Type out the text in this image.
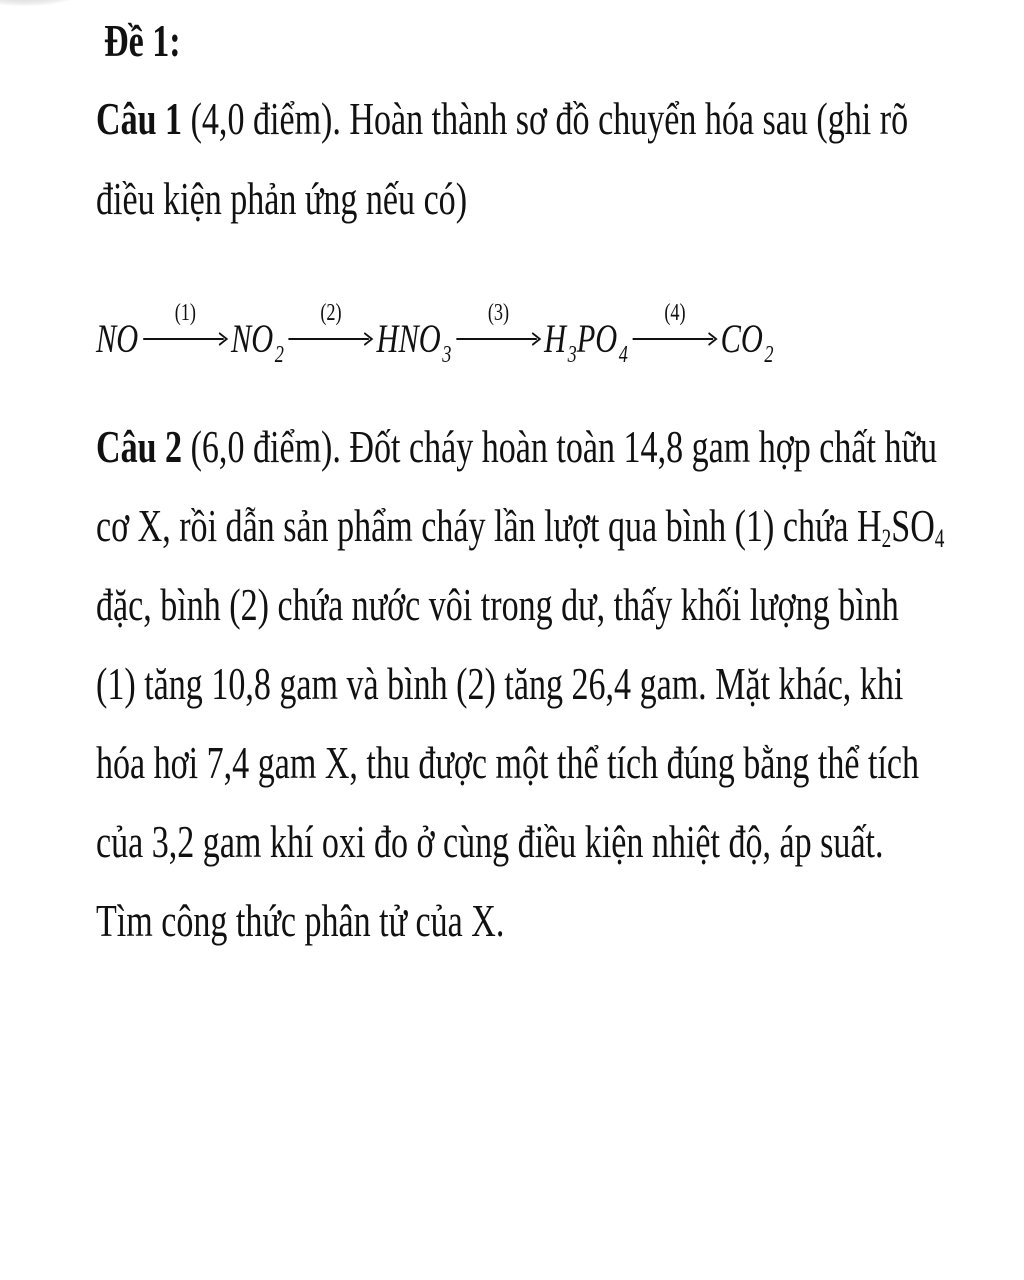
Đề 1:
Câu 1 (4,0 điểm). Hoàn thành sơ đồ chuyển hóa sau (ghi rõ
điều kiện phản ứng nếu có)
NO
(1)
$NO_2$
(2)
$HNO_3$
(3)
$H_3PO_4$
(4)
$CO_2$
Câu 2 (6,0 điểm). Đốt cháy hoàn toàn 14,8 gam hợp chất hữu
cơ X, rồi dẫn sản phẩm cháy lần lượt qua bình (1) chứa $H_2SO_4$
đặc, bình (2) chứa nước vôi trong dư, thấy khối lượng bình
(1) tăng 10,8 gam và bình (2) tăng 26,4 gam. Mặt khác, khi
hóa hơi 7,4 gam X, thu được một thể tích đúng bằng thể tích
của 3,2 gam khí oxi đo ở cùng điều kiện nhiệt độ, áp suất.
Tìm công thức phân tử của X.
